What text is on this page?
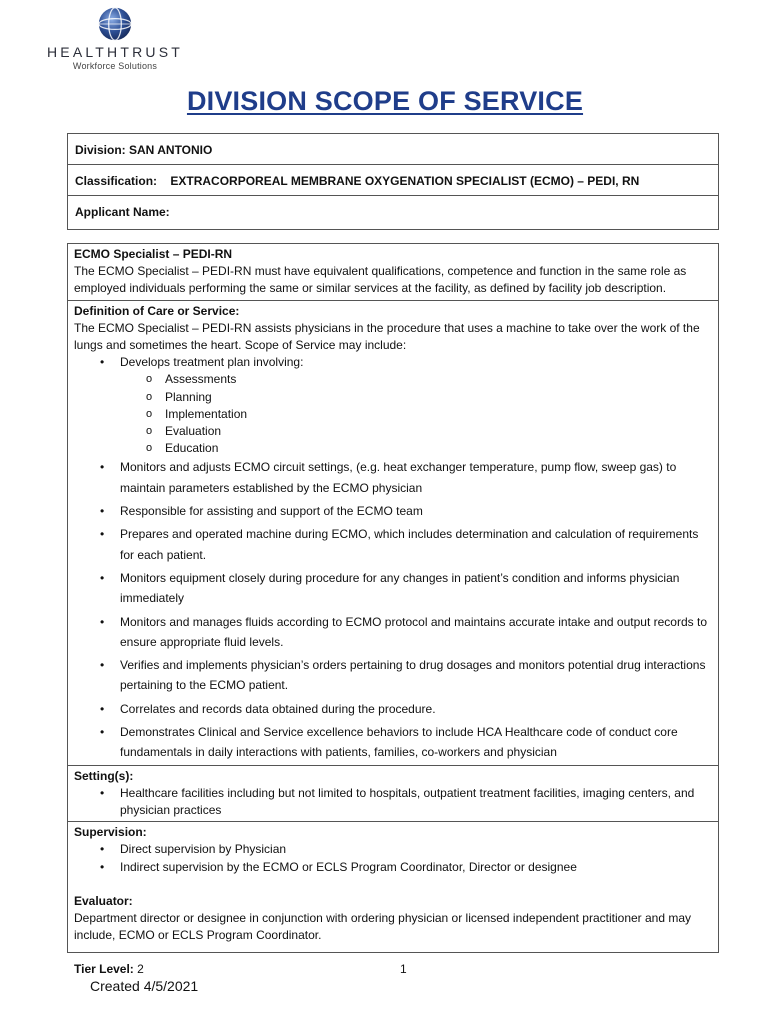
HEALTHTRUST
Workforce Solutions
DIVISION SCOPE OF SERVICE
Division: SAN ANTONIO
Classification: EXTRACORPOREAL MEMBRANE OXYGENATION SPECIALIST (ECMO) – PEDI, RN
Applicant Name:

ECMO Specialist – PEDI-RN

The ECMO Specialist – PEDI-RN must have equivalent qualifications, competence and function in the same role as employed individuals performing the same or similar services at the facility, as defined by facility job description.

Definition of Care or Service:

The ECMO Specialist – PEDI-RN assists physicians in the procedure that uses a machine to take over the work of the lungs and sometimes the heart. Scope of Service may include:

• Develops treatment plan involving:
o Assessments
o Planning
o Implementation
o Evaluation
o Education
• Monitors and adjusts ECMO circuit settings, (e.g. heat exchanger temperature, pump flow, sweep gas) to maintain parameters established by the ECMO physician
• Responsible for assisting and support of the ECMO team
• Prepares and operated machine during ECMO, which includes determination and calculation of requirements for each patient.
• Monitors equipment closely during procedure for any changes in patient’s condition and informs physician immediately
• Monitors and manages fluids according to ECMO protocol and maintains accurate intake and output records to ensure appropriate fluid levels.
• Verifies and implements physician’s orders pertaining to drug dosages and monitors potential drug interactions pertaining to the ECMO patient.
• Correlates and records data obtained during the procedure.
• Demonstrates Clinical and Service excellence behaviors to include HCA Healthcare code of conduct core fundamentals in daily interactions with patients, families, co-workers and physician

Setting(s):

• Healthcare facilities including but not limited to hospitals, outpatient treatment facilities, imaging centers, and physician practices

Supervision:

• Direct supervision by Physician
• Indirect supervision by the ECMO or ECLS Program Coordinator, Director or designee

Evaluator:

Department director or designee in conjunction with ordering physician or licensed independent practitioner and may include, ECMO or ECLS Program Coordinator.

Tier Level: 2	1
Created 4/5/2021
